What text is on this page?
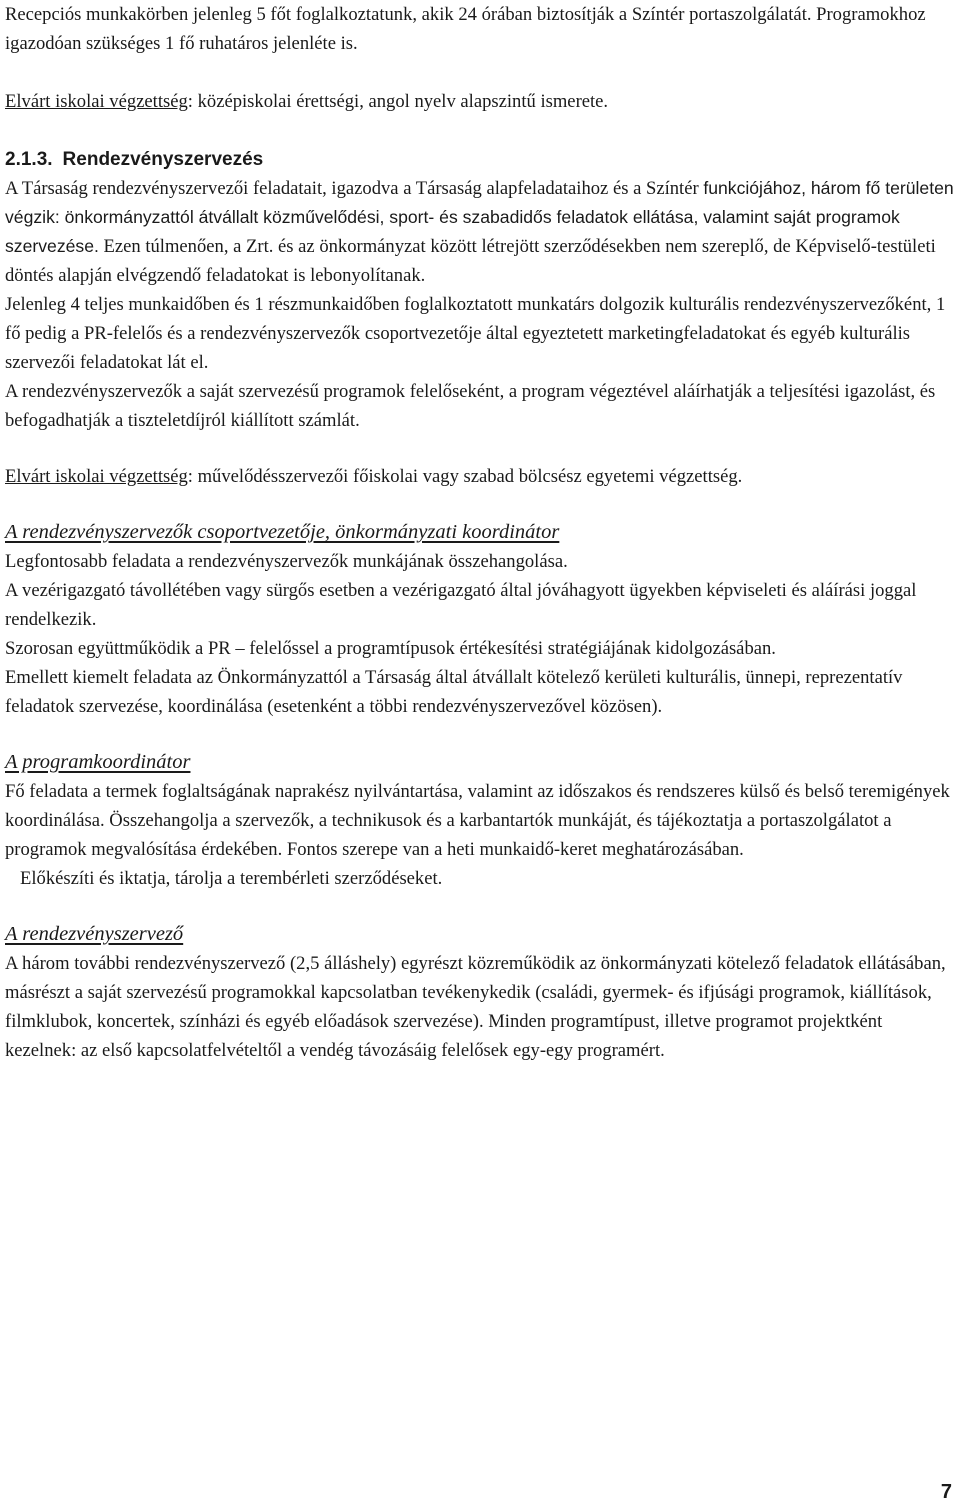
Recepciós munkakörben jelenleg 5 főt foglalkoztatunk, akik 24 órában biztosítják a Színtér portaszolgálatát. Programokhoz igazodóan szükséges 1 fő ruhatáros jelenléte is.

Elvárt iskolai végzettség: középiskolai érettségi, angol nyelv alapszintű ismerete.

2.1.3. Rendezvényszervezés

A Társaság rendezvényszervezői feladatait, igazodva a Társaság alapfeladataihoz és a Színtér funkciójához, három fő területen végzik: önkormányzattól átvállalt közművelődési, sport- és szabadidős feladatok ellátása, valamint saját programok szervezése. Ezen túlmenően, a Zrt. és az önkormányzat között létrejött szerződésekben nem szereplő, de Képviselő-testületi döntés alapján elvégzendő feladatokat is lebonyolítanak.

Jelenleg 4 teljes munkaidőben és 1 részmunkaidőben foglalkoztatott munkatárs dolgozik kulturális rendezvényszervezőként, 1 fő pedig a PR-felelős és a rendezvényszervezők csoportvezetője által egyeztetett marketingfeladatokat és egyéb kulturális szervezői feladatokat lát el.

A rendezvényszervezők a saját szervezésű programok felelőseként, a program végeztével aláírhatják a teljesítési igazolást, és befogadhatják a tiszteletdíjról kiállított számlát.

Elvárt iskolai végzettség: művelődésszervezői főiskolai vagy szabad bölcsész egyetemi végzettség.

A rendezvényszervezők csoportvezetője, önkormányzati koordinátor

Legfontosabb feladata a rendezvényszervezők munkájának összehangolása.

A vezérigazgató távollétében vagy sürgős esetben a vezérigazgató által jóváhagyott ügyekben képviseleti és aláírási joggal rendelkezik.

Szorosan együttműködik a PR – felelőssel a programtípusok értékesítési stratégiájának kidolgozásában.

Emellett kiemelt feladata az Önkormányzattól a Társaság által átvállalt kötelező kerületi kulturális, ünnepi, reprezentatív feladatok szervezése, koordinálása (esetenként a többi rendezvényszervezővel közösen).

A programkoordinátor

Fő feladata a termek foglaltságának naprakész nyilvántartása, valamint az időszakos és rendszeres külső és belső teremigények koordinálása. Összehangolja a szervezők, a technikusok és a karbantartók munkáját, és tájékoztatja a portaszolgálatot a programok megvalósítása érdekében. Fontos szerepe van a heti munkaidő-keret meghatározásában.

Előkészíti és iktatja, tárolja a terembérleti szerződéseket.

A rendezvényszervező

A három további rendezvényszervező (2,5 álláshely) egyrészt közreműködik az önkormányzati kötelező feladatok ellátásában, másrészt a saját szervezésű programokkal kapcsolatban tevékenykedik (családi, gyermek- és ifjúsági programok, kiállítások, filmklubok, koncertek, színházi és egyéb előadások szervezése). Minden programtípust, illetve programot projektként kezelnek: az első kapcsolatfelvételtől a vendég távozásáig felelősek egy-egy programért.

7
